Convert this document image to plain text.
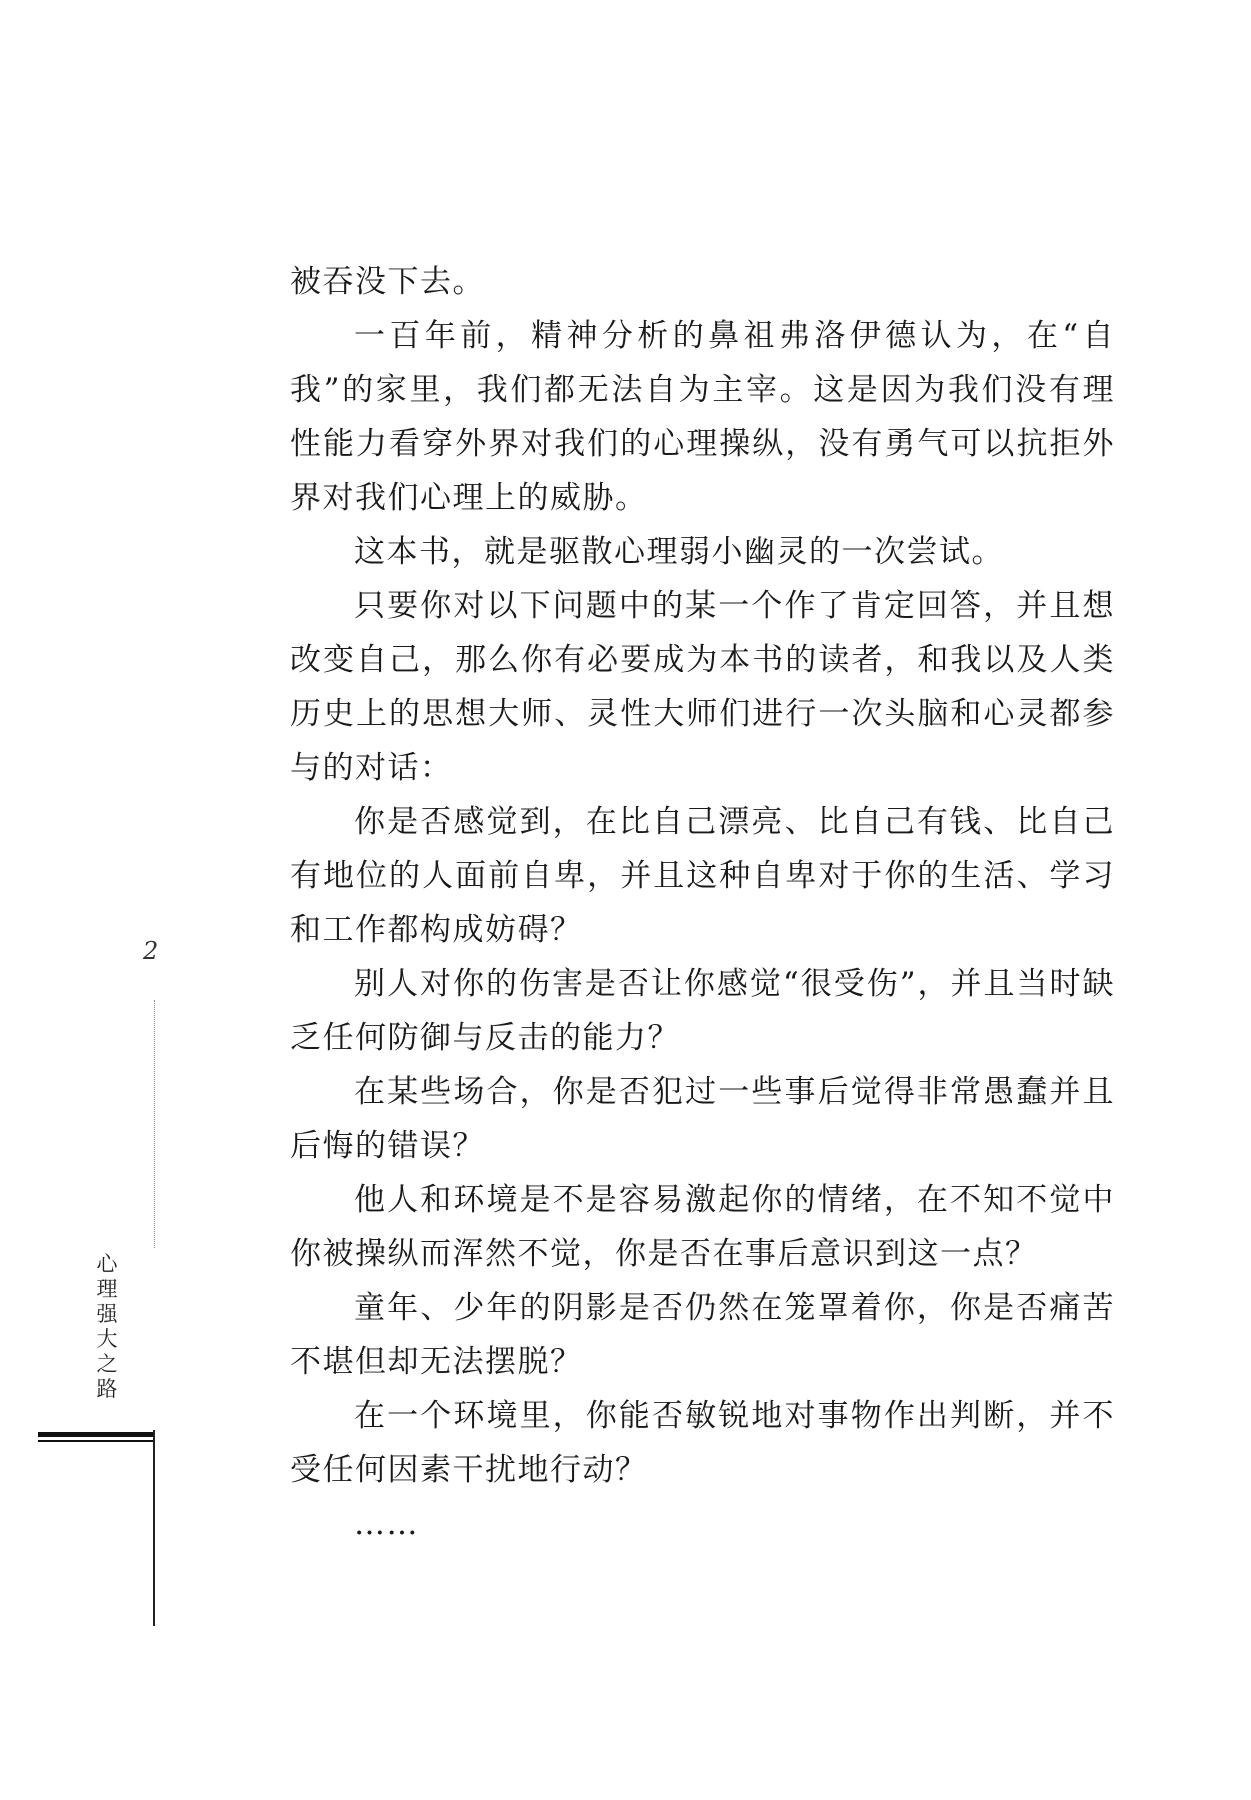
被吞没下去。

一百年前，精神分析的鼻祖弗洛伊德认为，在“自我”的家里，我们都无法自为主宰。这是因为我们没有理性能力看穿外界对我们的心理操纵，没有勇气可以抗拒外界对我们心理上的威胁。

这本书，就是驱散心理弱小幽灵的一次尝试。

只要你对以下问题中的某一个作了肯定回答，并且想改变自己，那么你有必要成为本书的读者，和我以及人类历史上的思想大师、灵性大师们进行一次头脑和心灵都参与的对话：

你是否感觉到，在比自己漂亮、比自己有钱、比自己有地位的人面前自卑，并且这种自卑对于你的生活、学习和工作都构成妨碍？

别人对你的伤害是否让你感觉“很受伤”，并且当时缺乏任何防御与反击的能力？

在某些场合，你是否犯过一些事后觉得非常愚蠢并且后悔的错误？

他人和环境是不是容易激起你的情绪，在不知不觉中你被操纵而浑然不觉，你是否在事后意识到这一点？

童年、少年的阴影是否仍然在笼罩着你，你是否痛苦不堪但却无法摆脱？

在一个环境里，你能否敏锐地对事物作出判断，并不受任何因素干扰地行动？

……

2
心
理
强
大
之
路
